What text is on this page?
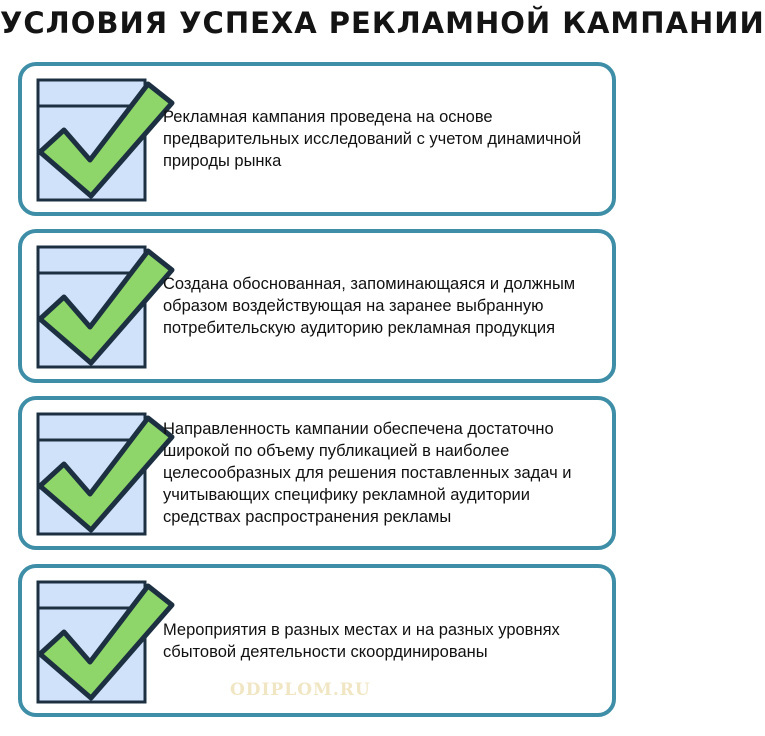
УСЛОВИЯ УСПЕХА РЕКЛАМНОЙ КАМПАНИИ
Рекламная кампания проведена на основе предварительных исследований с учетом динамичной природы рынка
Создана обоснованная, запоминающаяся и должным образом воздействующая на заранее выбранную потребительскую аудиторию рекламная продукция
Направленность кампании обеспечена достаточно широкой по объему публикацией в наиболее целесообразных для решения поставленных задач и учитывающих специфику рекламной аудитории средствах распространения рекламы
Мероприятия в разных местах и на разных уровнях сбытовой деятельности скоординированы
ODIPLOM.RU
